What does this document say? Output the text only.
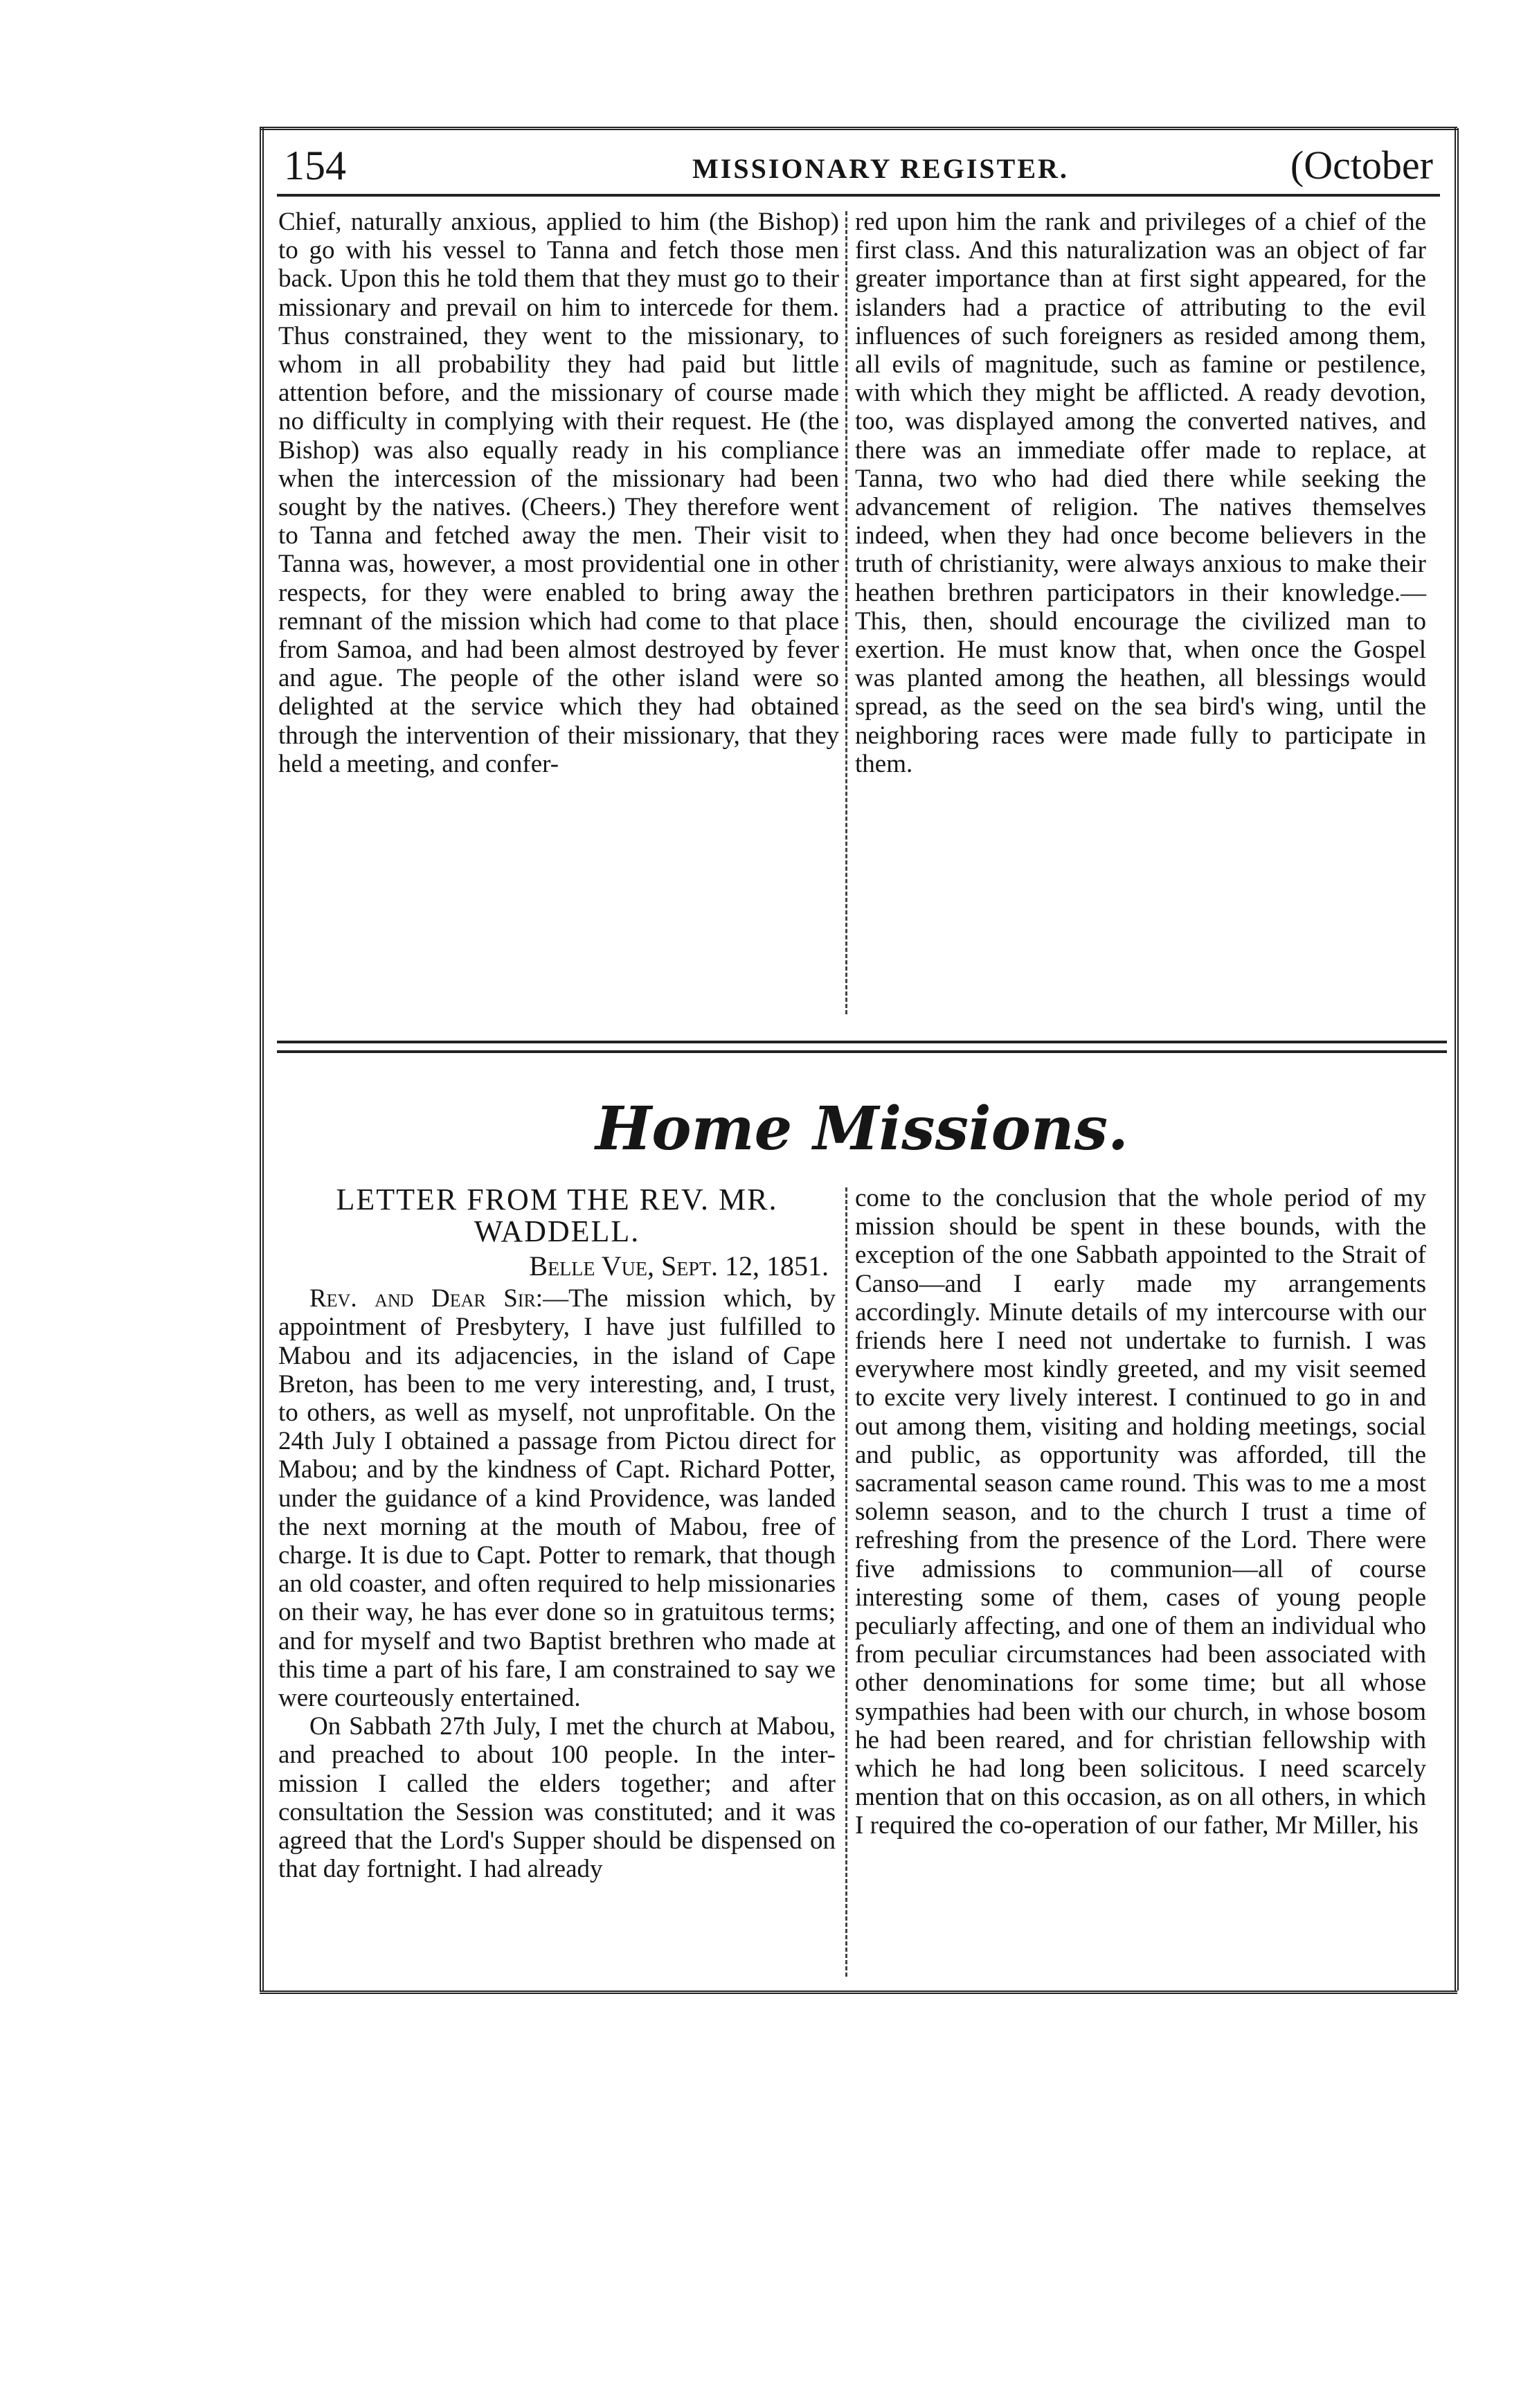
154	MISSIONARY REGISTER.	(October

Chief, naturally anxious, applied to him (the Bishop) to go with his vessel to Tanna and fetch those men back. Upon this he told them that they must go to their missionary and prevail on him to intercede for them. Thus constrained, they went to the missionary, to whom in all probability they had paid but little attention before, and the missionary of course made no difficulty in complying with their request. He (the Bishop) was also equally ready in his compliance when the intercession of the missionary had been sought by the natives. (Cheers.) They therefore went to Tanna and fetched away the men. Their visit to Tanna was, however, a most providential one in other respects, for they were enabled to bring away the remnant of the mission which had come to that place from Samoa, and had been almost destroyed by fever and ague. The people of the other island were so delighted at the service which they had obtained through the intervention of their missionary, that they held a meeting, and confer-

red upon him the rank and privileges of a chief of the first class. And this naturalization was an object of far greater importance than at first sight appeared, for the islanders had a practice of attributing to the evil influences of such foreigners as resided among them, all evils of magnitude, such as famine or pestilence, with which they might be afflicted. A ready devotion, too, was displayed among the converted natives, and there was an immediate offer made to replace, at Tanna, two who had died there while seeking the advancement of religion. The natives themselves indeed, when they had once become believers in the truth of christianity, were always anxious to make their heathen brethren participators in their knowledge.—This, then, should encourage the civilized man to exertion. He must know that, when once the Gospel was planted among the heathen, all blessings would spread, as the seed on the sea bird's wing, until the neighboring races were made fully to participate in them.

Home Missions.

LETTER FROM THE REV. MR. WADDELL.

Belle Vue, Sept. 12, 1851.

Rev. and Dear Sir:—The mission which, by appointment of Presbytery, I have just fulfilled to Mabou and its adjacencies, in the island of Cape Breton, has been to me very interesting, and, I trust, to others, as well as myself, not unprofitable. On the 24th July I obtained a passage from Pictou direct for Mabou; and by the kindness of Capt. Richard Potter, under the guidance of a kind Providence, was landed the next morning at the mouth of Mabou, free of charge. It is due to Capt. Potter to remark, that though an old coaster, and often required to help missionaries on their way, he has ever done so in gratuitous terms; and for myself and two Baptist brethren who made at this time a part of his fare, I am constrained to say we were courteously entertained.

On Sabbath 27th July, I met the church at Mabou, and preached to about 100 people. In the inter-mission I called the elders together; and after consultation the Session was constituted; and it was agreed that the Lord's Supper should be dispensed on that day fortnight. I had already

come to the conclusion that the whole period of my mission should be spent in these bounds, with the exception of the one Sabbath appointed to the Strait of Canso—and I early made my arrangements accordingly. Minute details of my intercourse with our friends here I need not undertake to furnish. I was everywhere most kindly greeted, and my visit seemed to excite very lively interest. I continued to go in and out among them, visiting and holding meetings, social and public, as opportunity was afforded, till the sacramental season came round. This was to me a most solemn season, and to the church I trust a time of refreshing from the presence of the Lord. There were five admissions to communion—all of course interesting some of them, cases of young people peculiarly affecting, and one of them an individual who from peculiar circumstances had been associated with other denominations for some time; but all whose sympathies had been with our church, in whose bosom he had been reared, and for christian fellowship with which he had long been solicitous. I need scarcely mention that on this occasion, as on all others, in which I required the co-operation of our father, Mr Miller, his
